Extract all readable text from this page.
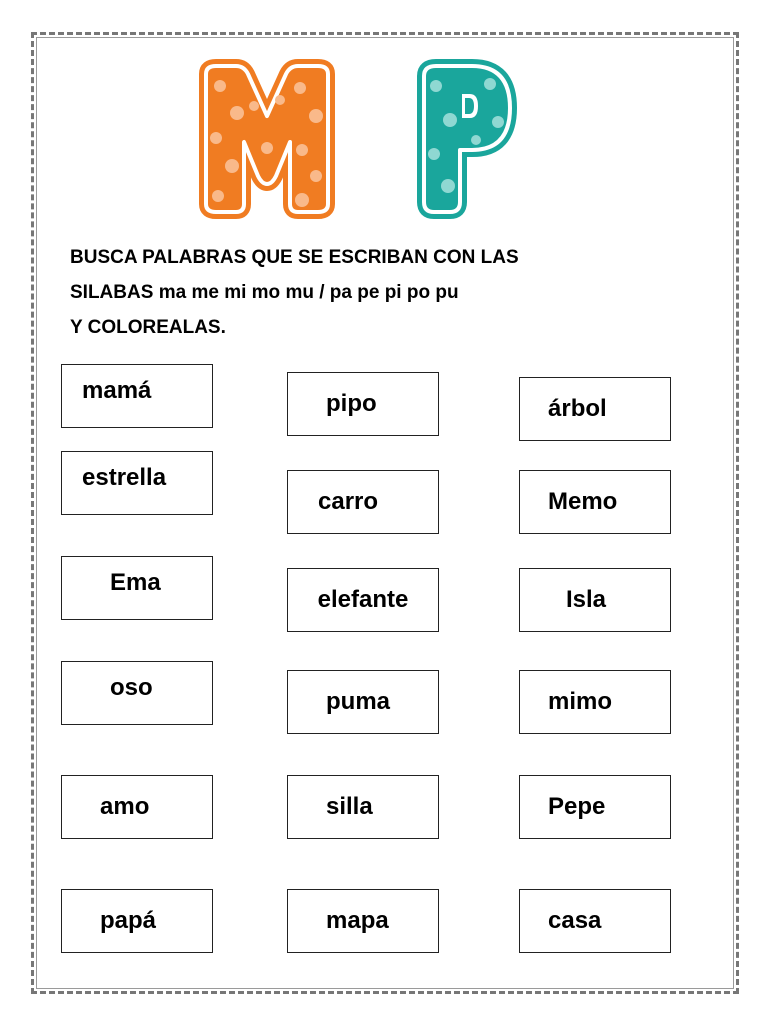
BUSCA PALABRAS QUE SE ESCRIBAN CON LAS
SILABAS ma me mi mo mu / pa pe pi po pu
Y COLOREALAS.
mamá
estrella
Ema
oso
amo
papá
pipo
carro
elefante
puma
silla
mapa
árbol
Memo
Isla
mimo
Pepe
casa
